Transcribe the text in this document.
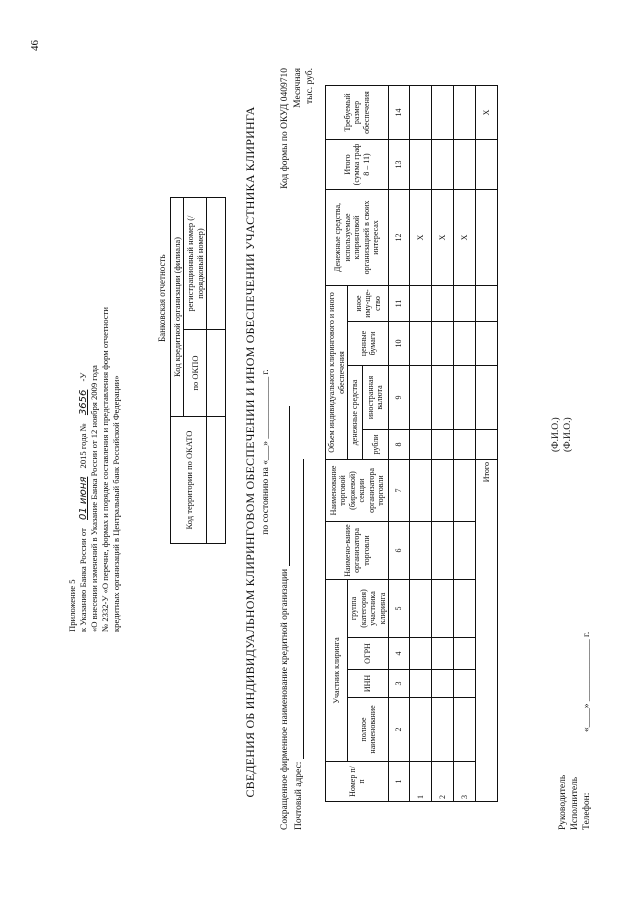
46
Приложение 5 к Указанию Банка России от 01 июня 2015 года № 3656 -У «О внесении изменений в Указание Банка России от 12 ноября 2009 года № 2332-У «О перечне, формах и порядке составления и представления форм отчетности кредитных организаций в Центральный банк Российской Федерации»
Банковская отчетность
Код территории по ОКАТО	Код кредитной организации (филиала)	
	по ОКПО	регистрационный номер (/порядковый номер)
			СВЕДЕНИЯ ОБ ИНДИВИДУАЛЬНОМ КЛИРИНГОВОМ ОБЕСПЕЧЕНИИ И ИНОМ ОБЕСПЕЧЕНИИ УЧАСТНИКА КЛИРИНГА по состоянию на «___» _____________ г.
Сокращенное фирменное наименование кредитной организации Почтовый адрес:
Код формы по ОКУД 0409710 Месячная тыс. руб.
Номер п/п	Участник клиринга				Наимено-вание организатора торговли	Наименование торговой (биржевой) секции организатора торговли	Объем индивидуального клирингового и иного обеспечения				Денежные средства, используемые клиринговой организацией в своих интересах	Итого (сумма граф 8 – 11)	Требуемый размер обеспечения
	полное наименование	ИНН	ОГРН	группа (категория) участника клиринга			денежные средства		ценные бумаги	иное иму-ще-ство			
							рубли	иностранная валюта					
1	2	3	4	5	6	7	8	9	10	11	12	13	14
1											Х		
2											Х		
3											Х		
Итого													Х
Руководитель Исполнитель Телефон:
(Ф.И.О.) (Ф.И.О.)
«____» _____________ г.
